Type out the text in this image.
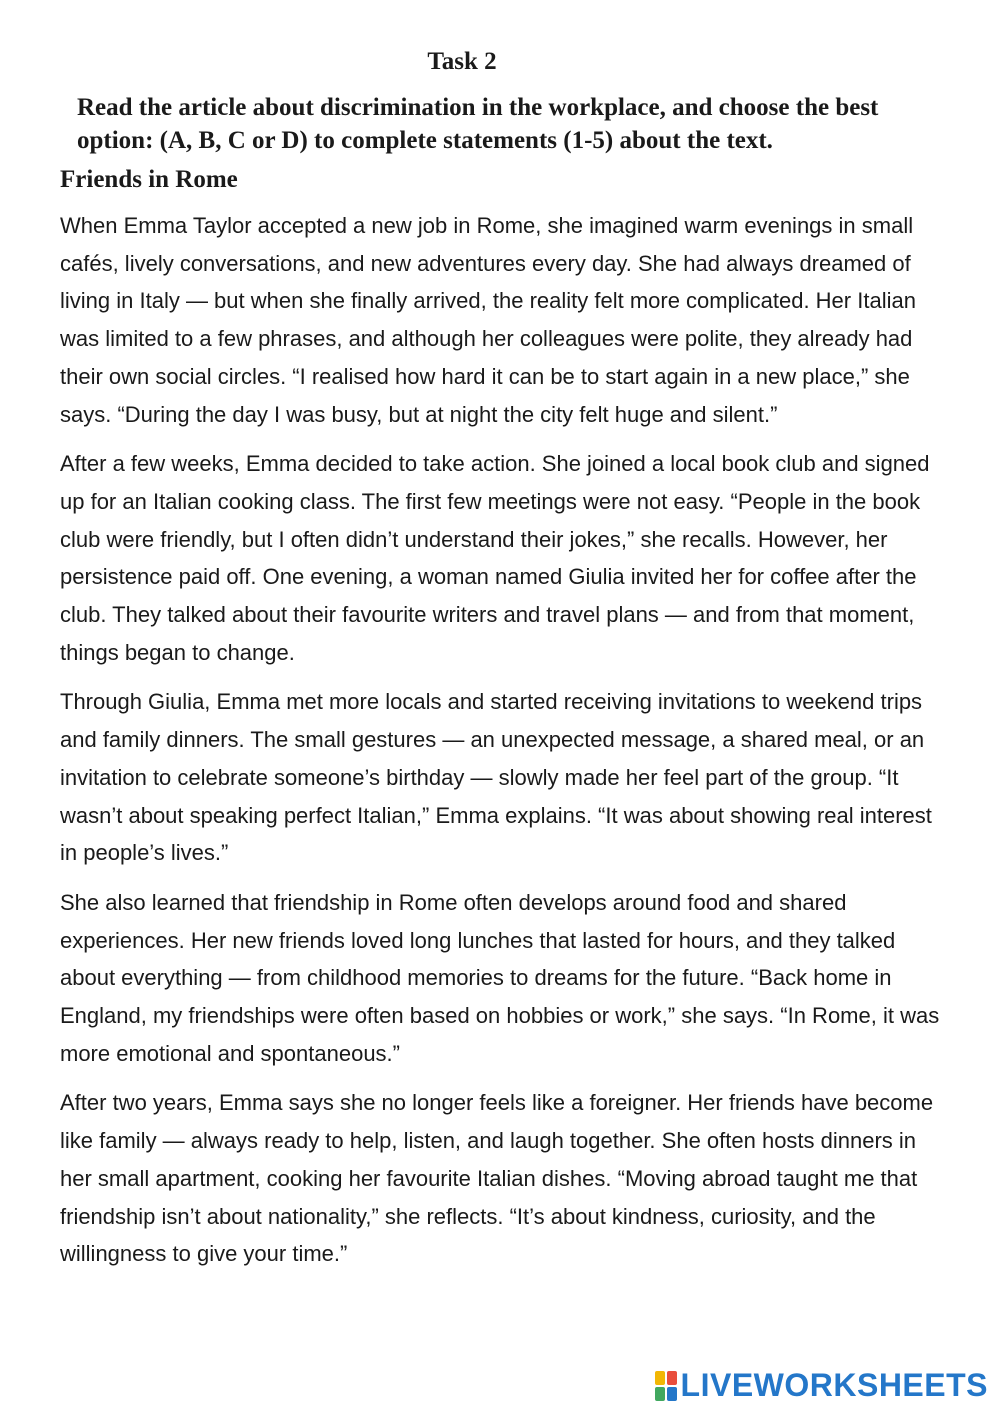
Task 2

Read the article about discrimination in the workplace, and choose the best option: (A, B, C or D) to complete statements (1-5) about the text.

Friends in Rome

When Emma Taylor accepted a new job in Rome, she imagined warm evenings in small cafés, lively conversations, and new adventures every day. She had always dreamed of living in Italy — but when she finally arrived, the reality felt more complicated. Her Italian was limited to a few phrases, and although her colleagues were polite, they already had their own social circles. “I realised how hard it can be to start again in a new place,” she says. “During the day I was busy, but at night the city felt huge and silent.”

After a few weeks, Emma decided to take action. She joined a local book club and signed up for an Italian cooking class. The first few meetings were not easy. “People in the book club were friendly, but I often didn’t understand their jokes,” she recalls. However, her persistence paid off. One evening, a woman named Giulia invited her for coffee after the club. They talked about their favourite writers and travel plans — and from that moment, things began to change.

Through Giulia, Emma met more locals and started receiving invitations to weekend trips and family dinners. The small gestures — an unexpected message, a shared meal, or an invitation to celebrate someone’s birthday — slowly made her feel part of the group. “It wasn’t about speaking perfect Italian,” Emma explains. “It was about showing real interest in people’s lives.”

She also learned that friendship in Rome often develops around food and shared experiences. Her new friends loved long lunches that lasted for hours, and they talked about everything — from childhood memories to dreams for the future. “Back home in England, my friendships were often based on hobbies or work,” she says. “In Rome, it was more emotional and spontaneous.”

After two years, Emma says she no longer feels like a foreigner. Her friends have become like family — always ready to help, listen, and laugh together. She often hosts dinners in her small apartment, cooking her favourite Italian dishes. “Moving abroad taught me that friendship isn’t about nationality,” she reflects. “It’s about kindness, curiosity, and the willingness to give your time.”

LIVEWORKSHEETS
